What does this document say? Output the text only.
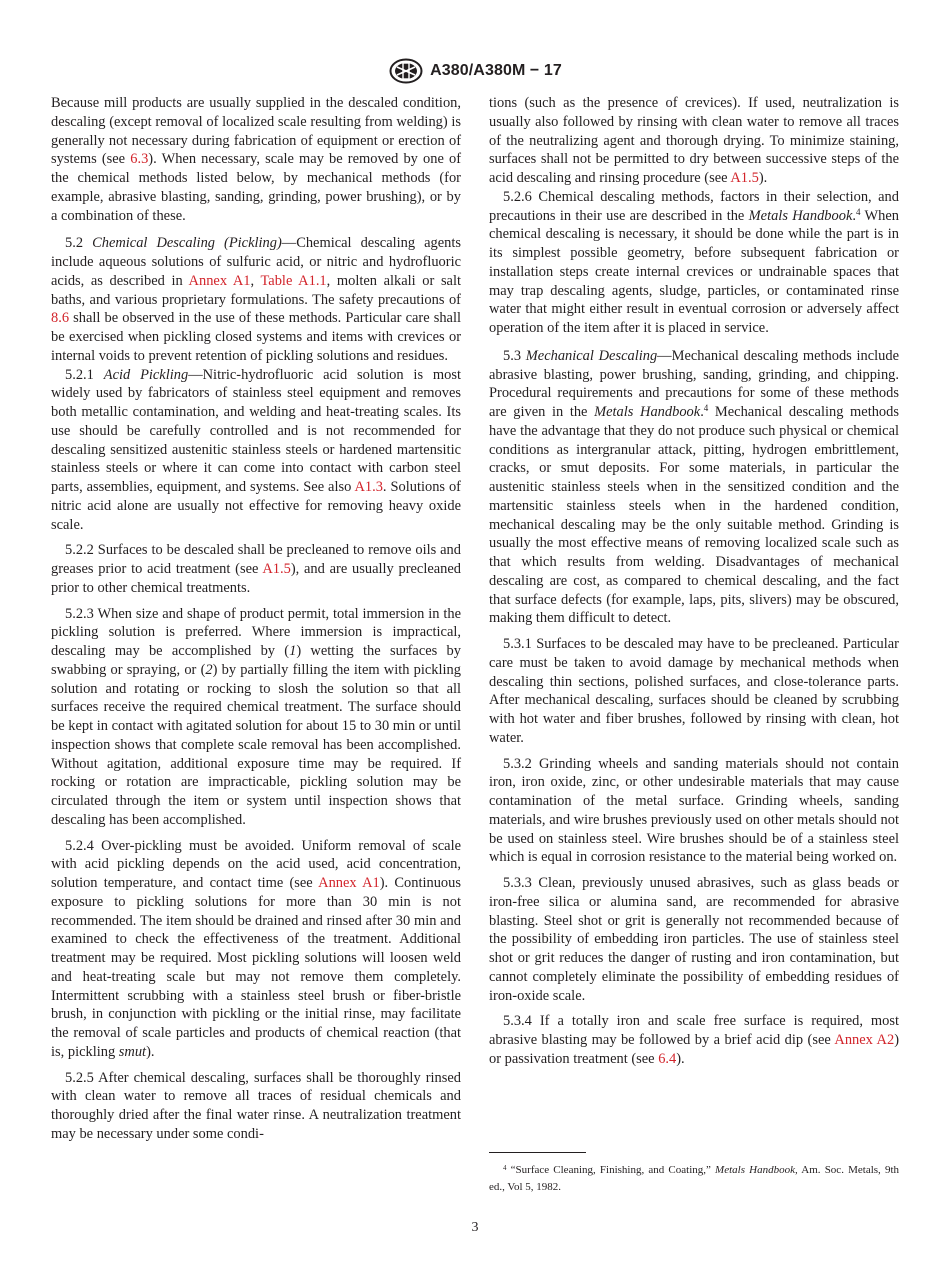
A380/A380M − 17

Because mill products are usually supplied in the descaled condition, descaling (except removal of localized scale resulting from welding) is generally not necessary during fabrication of equipment or erection of systems (see 6.3). When necessary, scale may be removed by one of the chemical methods listed below, by mechanical methods (for example, abrasive blasting, sanding, grinding, power brushing), or by a combination of these.

5.2 Chemical Descaling (Pickling)—Chemical descaling agents include aqueous solutions of sulfuric acid, or nitric and hydrofluoric acids, as described in Annex A1, Table A1.1, molten alkali or salt baths, and various proprietary formulations. The safety precautions of 8.6 shall be observed in the use of these methods. Particular care shall be exercised when pickling closed systems and items with crevices or internal voids to prevent retention of pickling solutions and residues.

5.2.1 Acid Pickling—Nitric-hydrofluoric acid solution is most widely used by fabricators of stainless steel equipment and removes both metallic contamination, and welding and heat-treating scales. Its use should be carefully controlled and is not recommended for descaling sensitized austenitic stainless steels or hardened martensitic stainless steels or where it can come into contact with carbon steel parts, assemblies, equipment, and systems. See also A1.3. Solutions of nitric acid alone are usually not effective for removing heavy oxide scale.

5.2.2 Surfaces to be descaled shall be precleaned to remove oils and greases prior to acid treatment (see A1.5), and are usually precleaned prior to other chemical treatments.

5.2.3 When size and shape of product permit, total immersion in the pickling solution is preferred. Where immersion is impractical, descaling may be accomplished by (1) wetting the surfaces by swabbing or spraying, or (2) by partially filling the item with pickling solution and rotating or rocking to slosh the solution so that all surfaces receive the required chemical treatment. The surface should be kept in contact with agitated solution for about 15 to 30 min or until inspection shows that complete scale removal has been accomplished. Without agitation, additional exposure time may be required. If rocking or rotation are impracticable, pickling solution may be circulated through the item or system until inspection shows that descaling has been accomplished.

5.2.4 Over-pickling must be avoided. Uniform removal of scale with acid pickling depends on the acid used, acid concentration, solution temperature, and contact time (see Annex A1). Continuous exposure to pickling solutions for more than 30 min is not recommended. The item should be drained and rinsed after 30 min and examined to check the effectiveness of the treatment. Additional treatment may be required. Most pickling solutions will loosen weld and heat-treating scale but may not remove them completely. Intermittent scrubbing with a stainless steel brush or fiber-bristle brush, in conjunction with pickling or the initial rinse, may facilitate the removal of scale particles and products of chemical reaction (that is, pickling smut).

5.2.5 After chemical descaling, surfaces shall be thoroughly rinsed with clean water to remove all traces of residual chemicals and thoroughly dried after the final water rinse. A neutralization treatment may be necessary under some condi-

tions (such as the presence of crevices). If used, neutralization is usually also followed by rinsing with clean water to remove all traces of the neutralizing agent and thorough drying. To minimize staining, surfaces shall not be permitted to dry between successive steps of the acid descaling and rinsing procedure (see A1.5).

5.2.6 Chemical descaling methods, factors in their selection, and precautions in their use are described in the Metals Handbook.$^4$ When chemical descaling is necessary, it should be done while the part is in its simplest possible geometry, before subsequent fabrication or installation steps create internal crevices or undrainable spaces that may trap descaling agents, sludge, particles, or contaminated rinse water that might either result in eventual corrosion or adversely affect operation of the item after it is placed in service.

5.3 Mechanical Descaling—Mechanical descaling methods include abrasive blasting, power brushing, sanding, grinding, and chipping. Procedural requirements and precautions for some of these methods are given in the Metals Handbook.$^4$ Mechanical descaling methods have the advantage that they do not produce such physical or chemical conditions as intergranular attack, pitting, hydrogen embrittlement, cracks, or smut deposits. For some materials, in particular the austenitic stainless steels when in the sensitized condition and the martensitic stainless steels when in the hardened condition, mechanical descaling may be the only suitable method. Grinding is usually the most effective means of removing localized scale such as that which results from welding. Disadvantages of mechanical descaling are cost, as compared to chemical descaling, and the fact that surface defects (for example, laps, pits, slivers) may be obscured, making them difficult to detect.

5.3.1 Surfaces to be descaled may have to be precleaned. Particular care must be taken to avoid damage by mechanical methods when descaling thin sections, polished surfaces, and close-tolerance parts. After mechanical descaling, surfaces should be cleaned by scrubbing with hot water and fiber brushes, followed by rinsing with clean, hot water.

5.3.2 Grinding wheels and sanding materials should not contain iron, iron oxide, zinc, or other undesirable materials that may cause contamination of the metal surface. Grinding wheels, sanding materials, and wire brushes previously used on other metals should not be used on stainless steel. Wire brushes should be of a stainless steel which is equal in corrosion resistance to the material being worked on.

5.3.3 Clean, previously unused abrasives, such as glass beads or iron-free silica or alumina sand, are recommended for abrasive blasting. Steel shot or grit is generally not recommended because of the possibility of embedding iron particles. The use of stainless steel shot or grit reduces the danger of rusting and iron contamination, but cannot completely eliminate the possibility of embedding residues of iron-oxide scale.

5.3.4 If a totally iron and scale free surface is required, most abrasive blasting may be followed by a brief acid dip (see Annex A2) or passivation treatment (see 6.4).

$^4$ “Surface Cleaning, Finishing, and Coating,” Metals Handbook, Am. Soc. Metals, 9th ed., Vol 5, 1982.

3
